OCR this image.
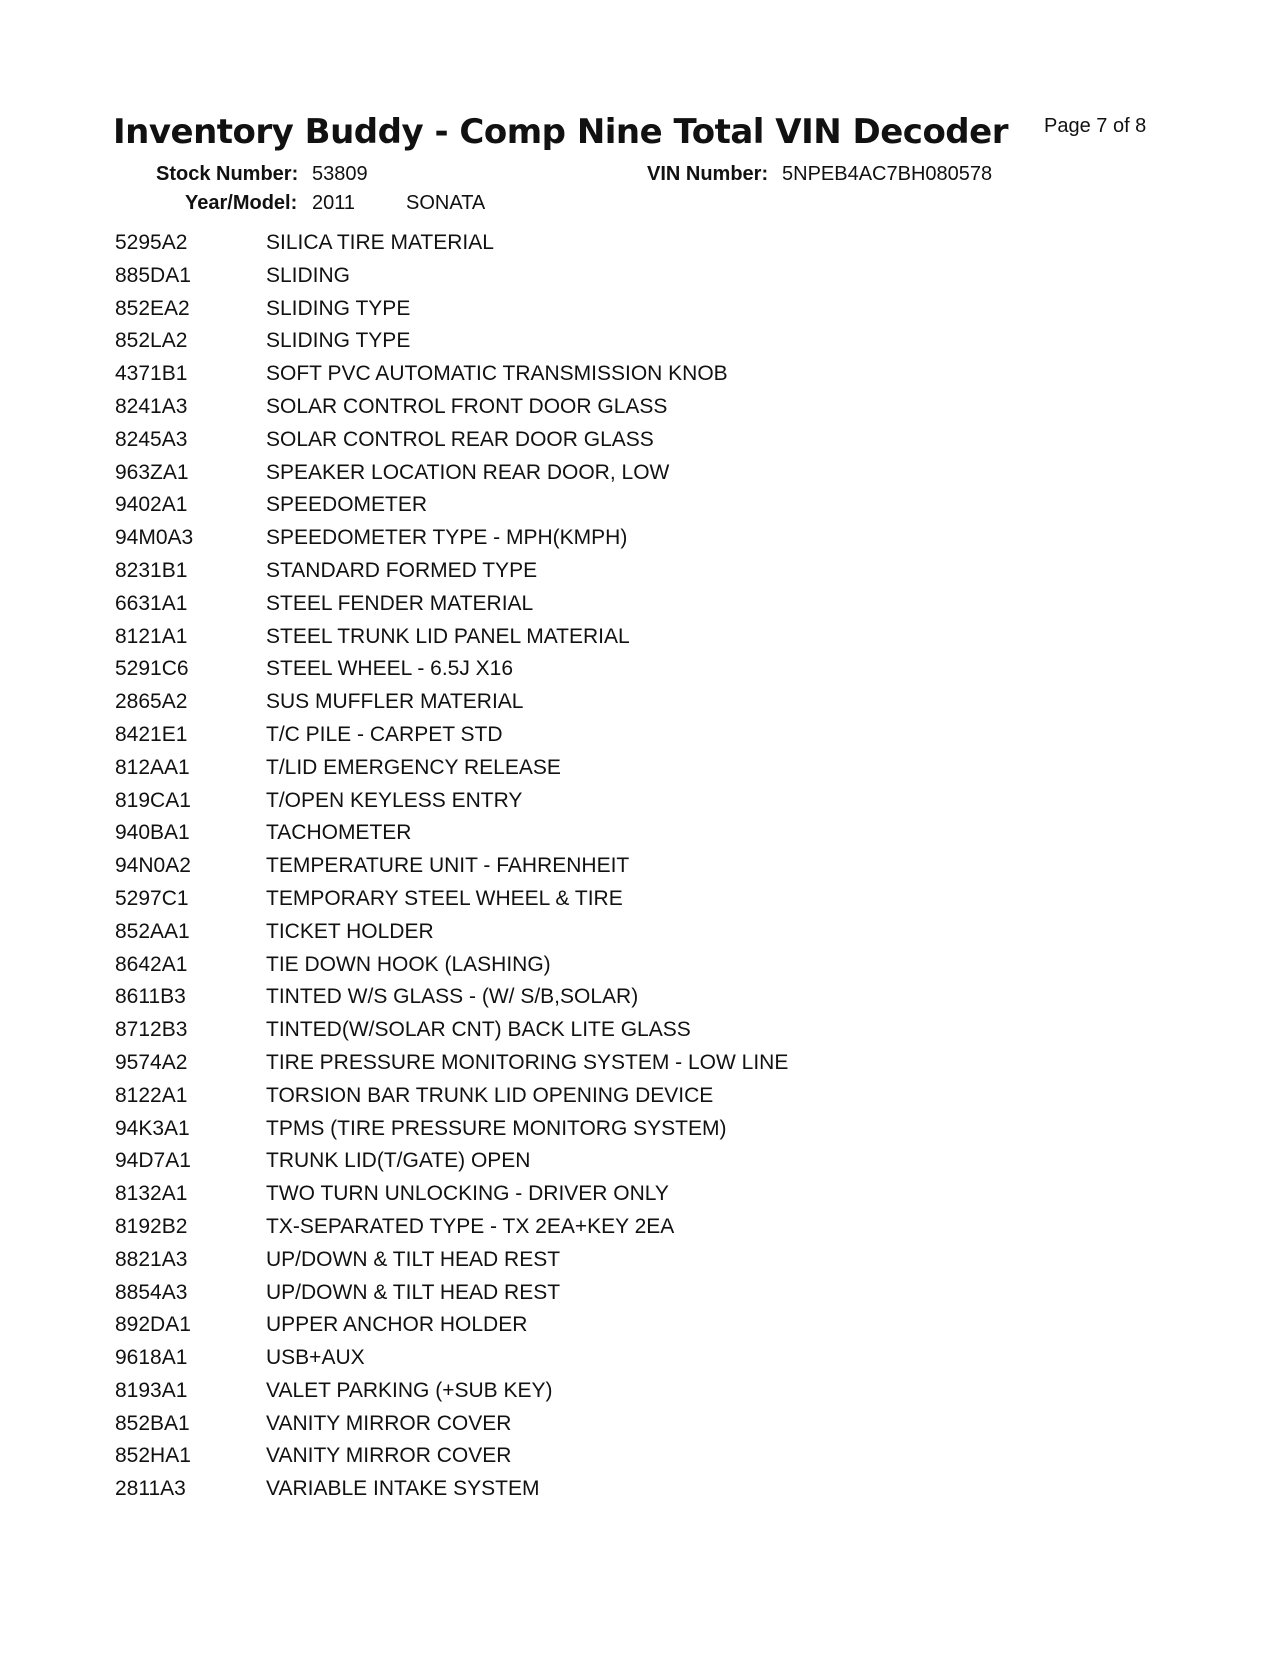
Inventory Buddy - Comp Nine Total VIN Decoder Page 7 of 8
Stock Number: 53809	VIN Number: 5NPEB4AC7BH080578
Year/Model: 2011	SONATA
5295A2	SILICA TIRE MATERIAL
885DA1	SLIDING
852EA2	SLIDING TYPE
852LA2	SLIDING TYPE
4371B1	SOFT PVC AUTOMATIC TRANSMISSION KNOB
8241A3	SOLAR CONTROL FRONT DOOR GLASS
8245A3	SOLAR CONTROL REAR DOOR GLASS
963ZA1	SPEAKER LOCATION REAR DOOR, LOW
9402A1	SPEEDOMETER
94M0A3	SPEEDOMETER TYPE - MPH(KMPH)
8231B1	STANDARD FORMED TYPE
6631A1	STEEL FENDER MATERIAL
8121A1	STEEL TRUNK LID PANEL MATERIAL
5291C6	STEEL WHEEL - 6.5J X16
2865A2	SUS MUFFLER MATERIAL
8421E1	T/C PILE - CARPET STD
812AA1	T/LID EMERGENCY RELEASE
819CA1	T/OPEN KEYLESS ENTRY
940BA1	TACHOMETER
94N0A2	TEMPERATURE UNIT - FAHRENHEIT
5297C1	TEMPORARY STEEL WHEEL & TIRE
852AA1	TICKET HOLDER
8642A1	TIE DOWN HOOK (LASHING)
8611B3	TINTED W/S GLASS - (W/ S/B,SOLAR)
8712B3	TINTED(W/SOLAR CNT) BACK LITE GLASS
9574A2	TIRE PRESSURE MONITORING SYSTEM - LOW LINE
8122A1	TORSION BAR TRUNK LID OPENING DEVICE
94K3A1	TPMS (TIRE PRESSURE MONITORG SYSTEM)
94D7A1	TRUNK LID(T/GATE) OPEN
8132A1	TWO TURN UNLOCKING - DRIVER ONLY
8192B2	TX-SEPARATED TYPE - TX 2EA+KEY 2EA
8821A3	UP/DOWN & TILT HEAD REST
8854A3	UP/DOWN & TILT HEAD REST
892DA1	UPPER ANCHOR HOLDER
9618A1	USB+AUX
8193A1	VALET PARKING (+SUB KEY)
852BA1	VANITY MIRROR COVER
852HA1	VANITY MIRROR COVER
2811A3	VARIABLE INTAKE SYSTEM
